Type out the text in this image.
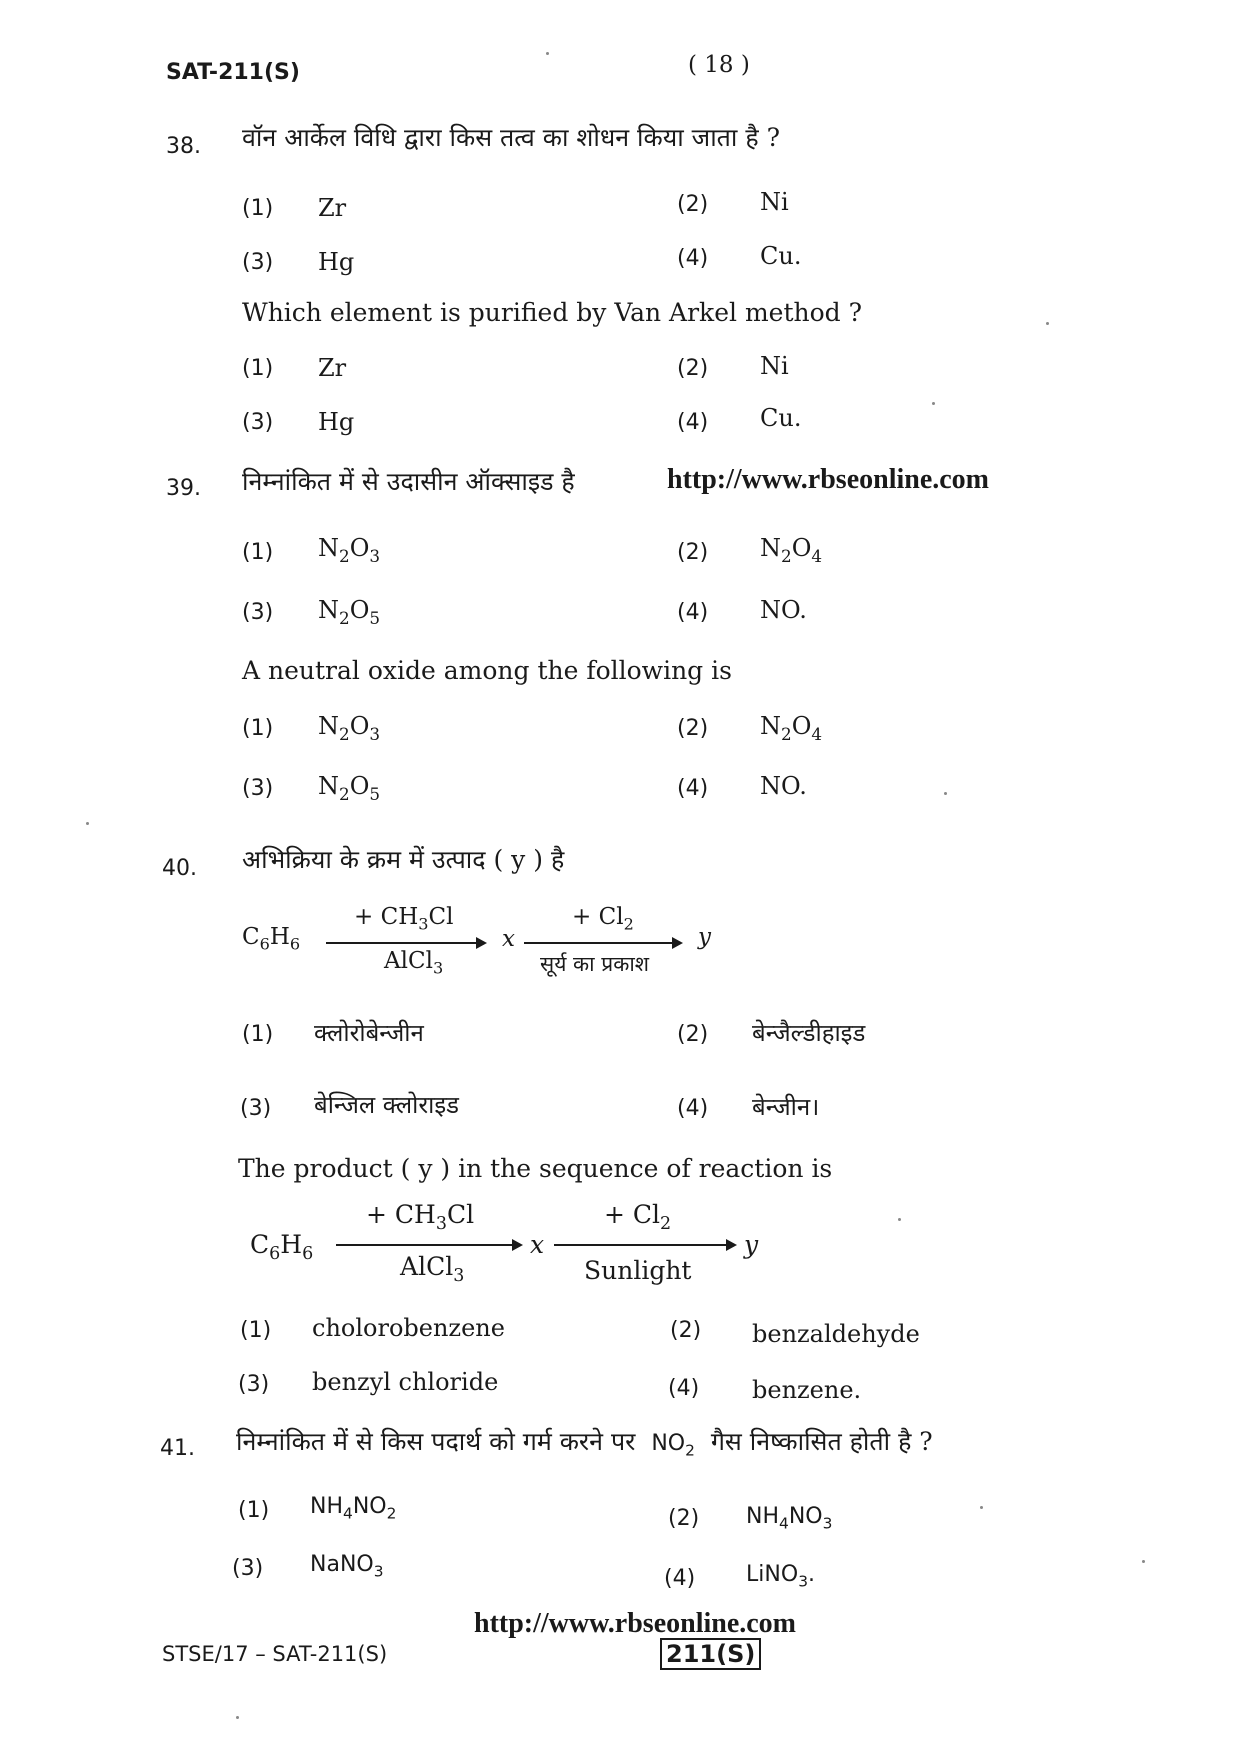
SAT-211(S)	( 18 )
38. वॉन आर्केल विधि द्वारा किस तत्व का शोधन किया जाता है ?
(1) Zr	(2) Ni
(3) Hg	(4) Cu.
Which element is purified by Van Arkel method ?
(1) Zr	(2) Ni
(3) Hg	(4) Cu.
39. निम्नांकित में से उदासीन ऑक्साइड है	http://www.rbseonline.com
(1) $N_2O_3$	(2) $N_2O_4$
(3) $N_2O_5$	(4) NO.
A neutral oxide among the following is
(1) $N_2O_3$	(2) $N_2O_4$
(3) $N_2O_5$	(4) NO.
40. अभिक्रिया के क्रम में उत्पाद ( y ) है
$C_6H_6$
+ $CH_3Cl$
AlCl$_3$
x
+ $Cl_2$
सूर्य का प्रकाश
y
(1) क्लोरोबेन्जीन	(2) बेन्जैल्डीहाइड
(3) बेन्जिल क्लोराइड	(4) बेन्जीन।
The product ( y ) in the sequence of reaction is
$C_6H_6$
+ $CH_3Cl$
AlCl$_3$
x
+ $Cl_2$
Sunlight
y
(1) cholorobenzene	(2) benzaldehyde
(3) benzyl chloride	(4) benzene.
41. निम्नांकित में से किस पदार्थ को गर्म करने पर $NO_2$ गैस निष्कासित होती है ?
(1) $NH_4NO_2$	(2) $NH_4NO_3$
(3) NaNO$_3$	(4) LiNO$_3$.
http://www.rbseonline.com
STSE/17 – SAT-211(S)	211(S)
